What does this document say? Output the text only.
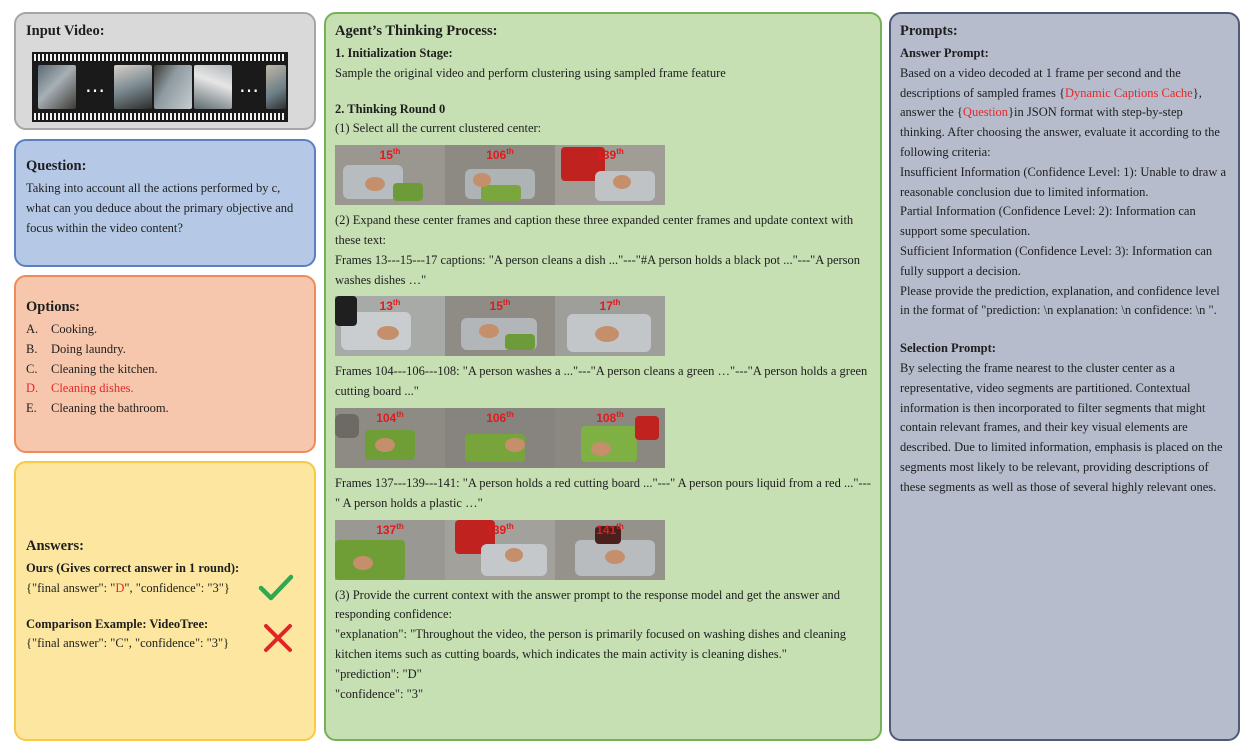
Input Video:
…	…
Question:
Taking into account all the actions performed by c, what can you deduce about the primary objective and focus within the video content?
Options:
A.	Cooking.
B.	Doing laundry.
C.	Cleaning the kitchen.
D.	Cleaning dishes.
E.	Cleaning the bathroom.
Answers:
Ours (Gives correct answer in 1 round):
{"final answer": "D", "confidence": "3"}
Comparison Example: VideoTree:
{"final answer": "C", "confidence": "3"}
Agent’s Thinking Process:
1. Initialization Stage:
Sample the original video and perform clustering using sampled frame feature
2. Thinking Round 0
(1) Select all the current clustered center:
15th	106th	139th
(2) Expand these center frames and caption these three expanded center frames and update context with these text:
Frames 13---15---17 captions: "A person cleans a dish ..."---"#A person holds a black pot ..."---"A person washes dishes …"
13th	15th	17th
Frames 104---106---108: "A person washes a ..."---"A person cleans a green …"---"A person holds a green cutting board ..."
104th	106th	108th
Frames 137---139---141: "A person holds a red cutting board ..."---" A person pours liquid from a red ..."---" A person holds a plastic …"
137th	139th	141th
(3) Provide the current context with the answer prompt to the response model and get the answer and responding confidence:
"explanation": "Throughout the video, the person is primarily focused on washing dishes and cleaning kitchen items such as cutting boards, which indicates the main activity is cleaning dishes."
"prediction": "D"
"confidence": "3"
Prompts:
Answer Prompt:
Based on a video decoded at 1 frame per second and the descriptions of sampled frames {Dynamic Captions Cache}, answer the {Question}in JSON format with step-by-step thinking. After choosing the answer, evaluate it according to the following criteria:
Insufficient Information (Confidence Level: 1): Unable to draw a reasonable conclusion due to limited information.
Partial Information (Confidence Level: 2): Information can support some speculation.
Sufficient Information (Confidence Level: 3): Information can fully support a decision.
Please provide the prediction, explanation, and confidence level in the format of "prediction: \n explanation: \n confidence: \n ".
Selection Prompt:
By selecting the frame nearest to the cluster center as a representative, video segments are partitioned. Contextual information is then incorporated to filter segments that might contain relevant frames, and their key visual elements are described. Due to limited information, emphasis is placed on the segments most likely to be relevant, providing descriptions of these segments as well as those of several highly relevant ones.
